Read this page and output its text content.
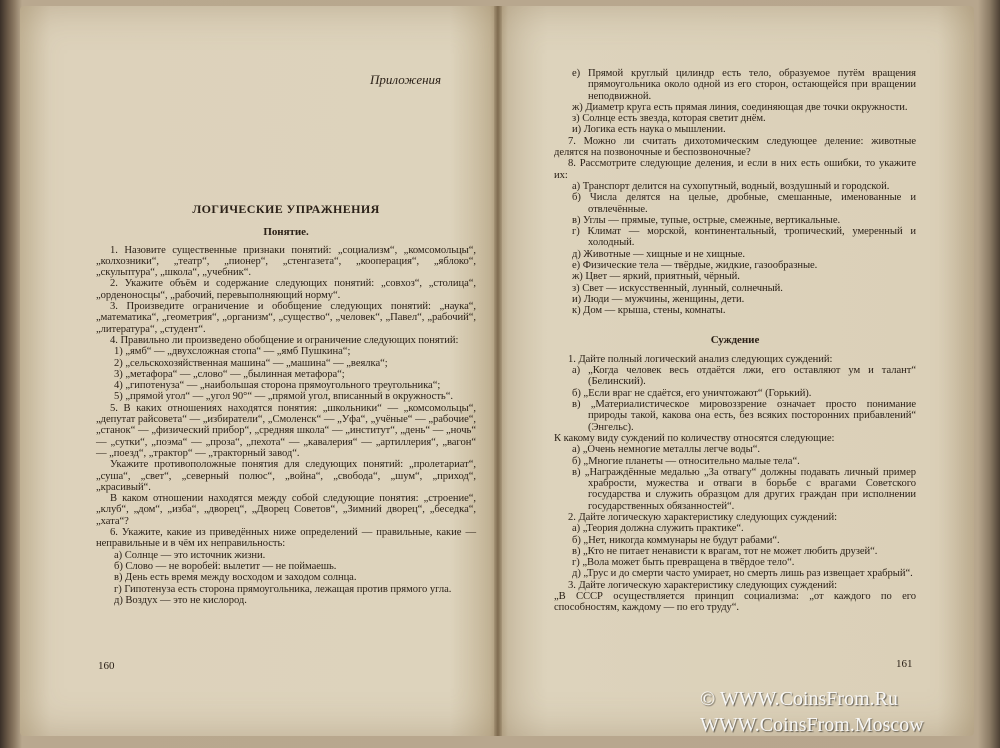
Приложения

ЛОГИЧЕСКИЕ УПРАЖНЕНИЯ

Понятие.

1. Назовите существенные признаки понятий: „социализм“, „комсомольцы“, „колхозники“, „театр“, „пионер“, „стенгазета“, „кооперация“, „яблоко“, „скульптура“, „школа“, „учебник“.

2. Укажите объём и содержание следующих понятий: „совхоз“, „столица“, „орденоносцы“, „рабочий, перевыполняющий норму“.

3. Произведите ограничение и обобщение следующих понятий: „наука“, „математика“, „геометрия“, „организм“, „существо“, „человек“, „Павел“, „рабочий“, „литература“, „студент“.

4. Правильно ли произведено обобщение и ограничение следующих понятий:

1) „ямб“ — „двухсложная стопа“ — „ямб Пушкина“;

2) „сельскохозяйственная машина“ — „машина“ — „веялка“;

3) „метафора“ — „слово“ — „былинная метафора“;

4) „гипотенуза“ — „наибольшая сторона прямоугольного треугольника“;

5) „прямой угол“ — „угол 90°“ — „прямой угол, вписанный в окружность“.

5. В каких отношениях находятся понятия: „школьники“ — „комсомольцы“, „депутат райсовета“ — „избиратели“, „Смоленск“ — „Уфа“, „учёные“ — „рабочие“, „станок“ — „физический прибор“, „средняя школа“ — „институт“, „день“ — „ночь“ — „сутки“, „поэма“ — „проза“, „пехота“ — „кавалерия“ — „артиллерия“, „вагон“ — „поезд“, „трактор“ — „тракторный завод“.

Укажите противоположные понятия для следующих понятий: „пролетариат“, „суша“, „свет“, „северный полюс“, „война“, „свобода“, „шум“, „приход“, „красивый“.

В каком отношении находятся между собой следующие понятия: „строение“, „клуб“, „дом“, „изба“, „дворец“, „Дворец Советов“, „Зимний дворец“, „беседка“, „хата“?

6. Укажите, какие из приведённых ниже определений — правильные, какие — неправильные и в чём их неправильность:

а) Солнце — это источник жизни.

б) Слово — не воробей: вылетит — не поймаешь.

в) День есть время между восходом и заходом солнца.

г) Гипотенуза есть сторона прямоугольника, лежащая против прямого угла.

д) Воздух — это не кислород.

160

е) Прямой круглый цилиндр есть тело, образуемое путём вращения прямоугольника около одной из его сторон, остающейся при вращении неподвижной.

ж) Диаметр круга есть прямая линия, соединяющая две точки окружности.

з) Солнце есть звезда, которая светит днём.

и) Логика есть наука о мышлении.

7. Можно ли считать дихотомическим следующее деление: животные делятся на позвоночные и беспозвоночные?

8. Рассмотрите следующие деления, и если в них есть ошибки, то укажите их:

а) Транспорт делится на сухопутный, водный, воздушный и городской.

б) Числа делятся на целые, дробные, смешанные, именованные и отвлечённые.

в) Углы — прямые, тупые, острые, смежные, вертикальные.

г) Климат — морской, континентальный, тропический, умеренный и холодный.

д) Животные — хищные и не хищные.

е) Физические тела — твёрдые, жидкие, газообразные.

ж) Цвет — яркий, приятный, чёрный.

з) Свет — искусственный, лунный, солнечный.

и) Люди — мужчины, женщины, дети.

к) Дом — крыша, стены, комнаты.

Суждение

1. Дайте полный логический анализ следующих суждений:

а) „Когда человек весь отдаётся лжи, его оставляют ум и талант“ (Белинский).

б) „Если враг не сдаётся, его уничтожают“ (Горький).

в) „Материалистическое мировоззрение означает просто понимание природы такой, какова она есть, без всяких посторонних прибавлений“ (Энгельс).

К какому виду суждений по количеству относятся следующие:

а) „Очень немногие металлы легче воды“.

б) „Многие планеты — относительно малые тела“.

в) „Награждённые медалью „За отвагу“ должны подавать личный пример храбрости, мужества и отваги в борьбе с врагами Советского государства и служить образцом для других граждан при исполнении государственных обязанностей“.

2. Дайте логическую характеристику следующих суждений:

а) „Теория должна служить практике“.

б) „Нет, никогда коммунары не будут рабами“.

в) „Кто не питает ненависти к врагам, тот не может любить друзей“.

г) „Вола может быть превращена в твёрдое тело“.

д) „Трус и до смерти часто умирает, но смерть лишь раз извещает храбрый“.

3. Дайте логическую характеристику следующих суждений:

„В СССР осуществляется принцип социализма: „от каждого по его способностям, каждому — по его труду“.

161
© WWW.CoinsFrom.Ru
WWW.CoinsFrom.Moscow
